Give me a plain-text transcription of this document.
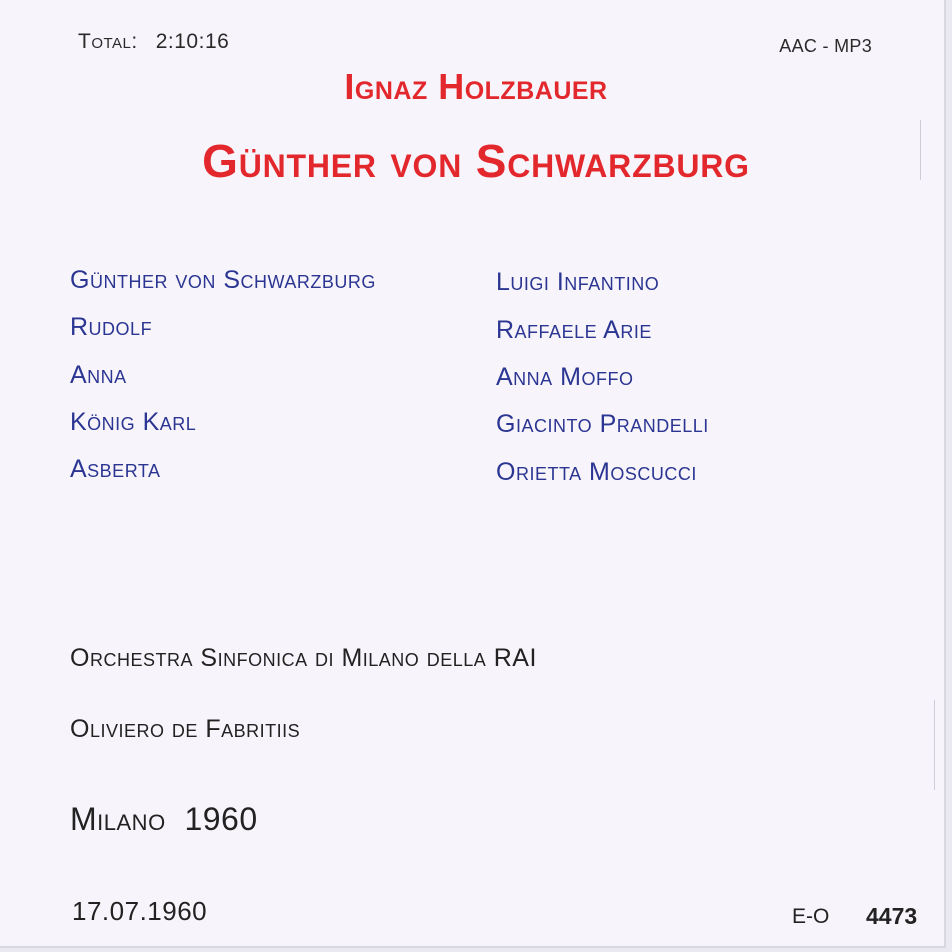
Total: 2:10:16	AAC - MP3
Ignaz Holzbauer
Günther von Schwarzburg
Günther von Schwarzburg	Luigi Infantino
Rudolf	Raffaele Arie
Anna	Anna Moffo
König Karl	Giacinto Prandelli
Asberta	Orietta Moscucci
Orchestra Sinfonica di Milano della RAI
Oliviero de Fabritiis
Milano  1960
17.07.1960	E-O 4473
